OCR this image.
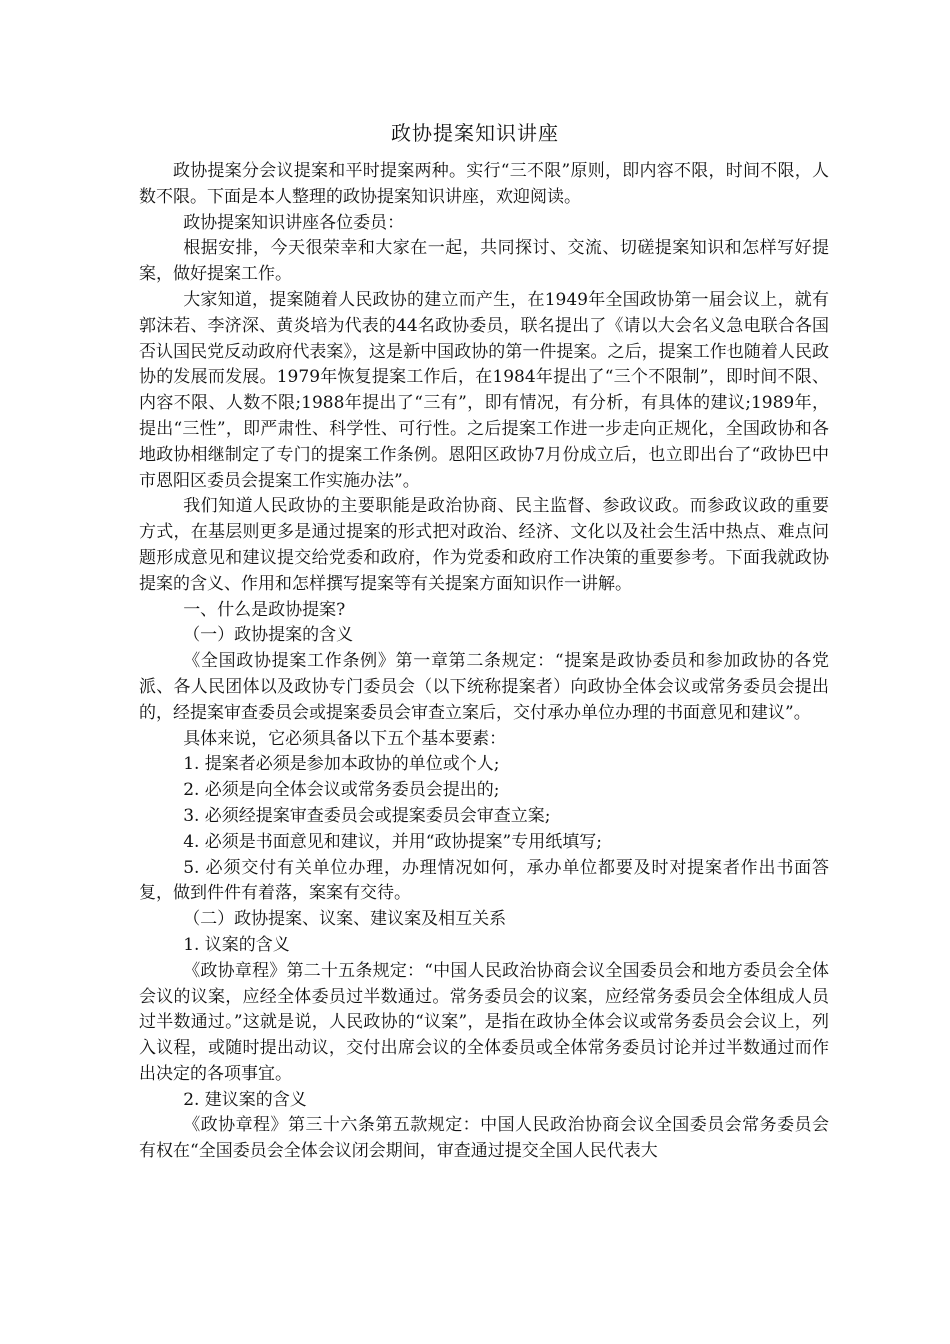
政协提案知识讲座

政协提案分会议提案和平时提案两种。实行“三不限”原则，即内容不限，时间不限，人数不限。下面是本人整理的政协提案知识讲座，欢迎阅读。

政协提案知识讲座各位委员：

根据安排，今天很荣幸和大家在一起，共同探讨、交流、切磋提案知识和怎样写好提案，做好提案工作。

大家知道，提案随着人民政协的建立而产生，在1949年全国政协第一届会议上，就有郭沫若、李济深、黄炎培为代表的44名政协委员，联名提出了《请以大会名义急电联合各国否认国民党反动政府代表案》，这是新中国政协的第一件提案。之后，提案工作也随着人民政协的发展而发展。1979年恢复提案工作后，在1984年提出了“三个不限制”，即时间不限、内容不限、人数不限;1988年提出了“三有”，即有情况，有分析，有具体的建议;1989年，提出“三性”，即严肃性、科学性、可行性。之后提案工作进一步走向正规化，全国政协和各地政协相继制定了专门的提案工作条例。恩阳区政协7月份成立后，也立即出台了“政协巴中市恩阳区委员会提案工作实施办法”。

我们知道人民政协的主要职能是政治协商、民主监督、参政议政。而参政议政的重要方式，在基层则更多是通过提案的形式把对政治、经济、文化以及社会生活中热点、难点问题形成意见和建议提交给党委和政府，作为党委和政府工作决策的重要参考。下面我就政协提案的含义、作用和怎样撰写提案等有关提案方面知识作一讲解。

一、什么是政协提案?

（一）政协提案的含义

《全国政协提案工作条例》第一章第二条规定：“提案是政协委员和参加政协的各党派、各人民团体以及政协专门委员会（以下统称提案者）向政协全体会议或常务委员会提出的，经提案审查委员会或提案委员会审查立案后，交付承办单位办理的书面意见和建议”。

具体来说，它必须具备以下五个基本要素：

1. 提案者必须是参加本政协的单位或个人;

2. 必须是向全体会议或常务委员会提出的;

3. 必须经提案审查委员会或提案委员会审查立案;

4. 必须是书面意见和建议，并用“政协提案”专用纸填写;

5. 必须交付有关单位办理，办理情况如何，承办单位都要及时对提案者作出书面答复，做到件件有着落，案案有交待。

（二）政协提案、议案、建议案及相互关系

1. 议案的含义

《政协章程》第二十五条规定：“中国人民政治协商会议全国委员会和地方委员会全体会议的议案，应经全体委员过半数通过。常务委员会的议案，应经常务委员会全体组成人员过半数通过。”这就是说，人民政协的“议案”，是指在政协全体会议或常务委员会会议上，列入议程，或随时提出动议，交付出席会议的全体委员或全体常务委员讨论并过半数通过而作出决定的各项事宜。

2. 建议案的含义

《政协章程》第三十六条第五款规定：中国人民政治协商会议全国委员会常务委员会有权在“全国委员会全体会议闭会期间，审查通过提交全国人民代表大
